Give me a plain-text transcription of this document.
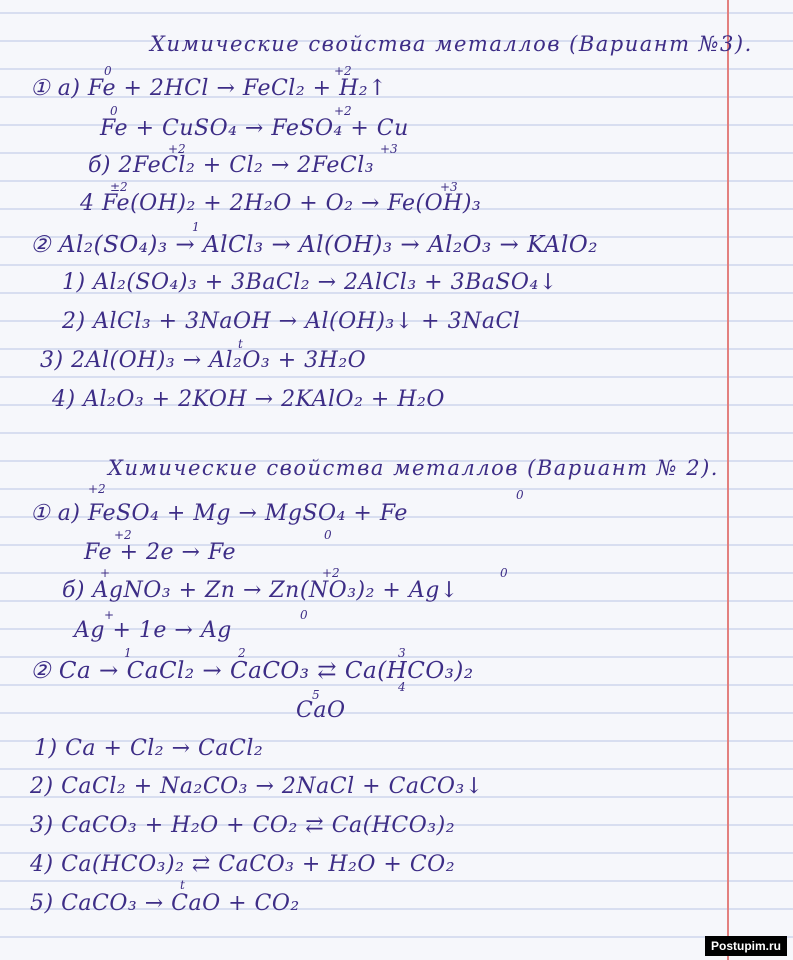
Химические свойства металлов (Вариант №3).
① а) Fe + 2HCl → FeCl₂ + H₂↑
0	+2
Fe + CuSO₄ → FeSO₄ + Cu
0	+2
б) 2FeCl₂ + Cl₂ → 2FeCl₃
+2	+3
4 Fe(OH)₂ + 2H₂O + O₂ → Fe(OH)₃
±2	+3
② Al₂(SO₄)₃ → AlCl₃ → Al(OH)₃ → Al₂O₃ → KAlO₂
1
1) Al₂(SO₄)₃ + 3BaCl₂ → 2AlCl₃ + 3BaSO₄↓
2) AlCl₃ + 3NaOH → Al(OH)₃↓ + 3NaCl
3) 2Al(OH)₃ → Al₂O₃ + 3H₂O
t
4) Al₂O₃ + 2KOH → 2KAlO₂ + H₂O
Химические свойства металлов (Вариант № 2).
① а) FeSO₄ + Mg → MgSO₄ + Fe
+2	0
Fe + 2e → Fe
+2	0
б) AgNO₃ + Zn → Zn(NO₃)₂ + Ag↓
+	+2	0
Ag + 1e → Ag
+	0
② Ca → CaCl₂ → CaCO₃ ⇄ Ca(HCO₃)₂
1	2	3
4
5
CaO
1) Ca + Cl₂ → CaCl₂
2) CaCl₂ + Na₂CO₃ → 2NaCl + CaCO₃↓
3) CaCO₃ + H₂O + CO₂ ⇄ Ca(HCO₃)₂
4) Ca(HCO₃)₂ ⇄ CaCO₃ + H₂O + CO₂
5) CaCO₃ → CaO + CO₂
t
Postupim.ru
